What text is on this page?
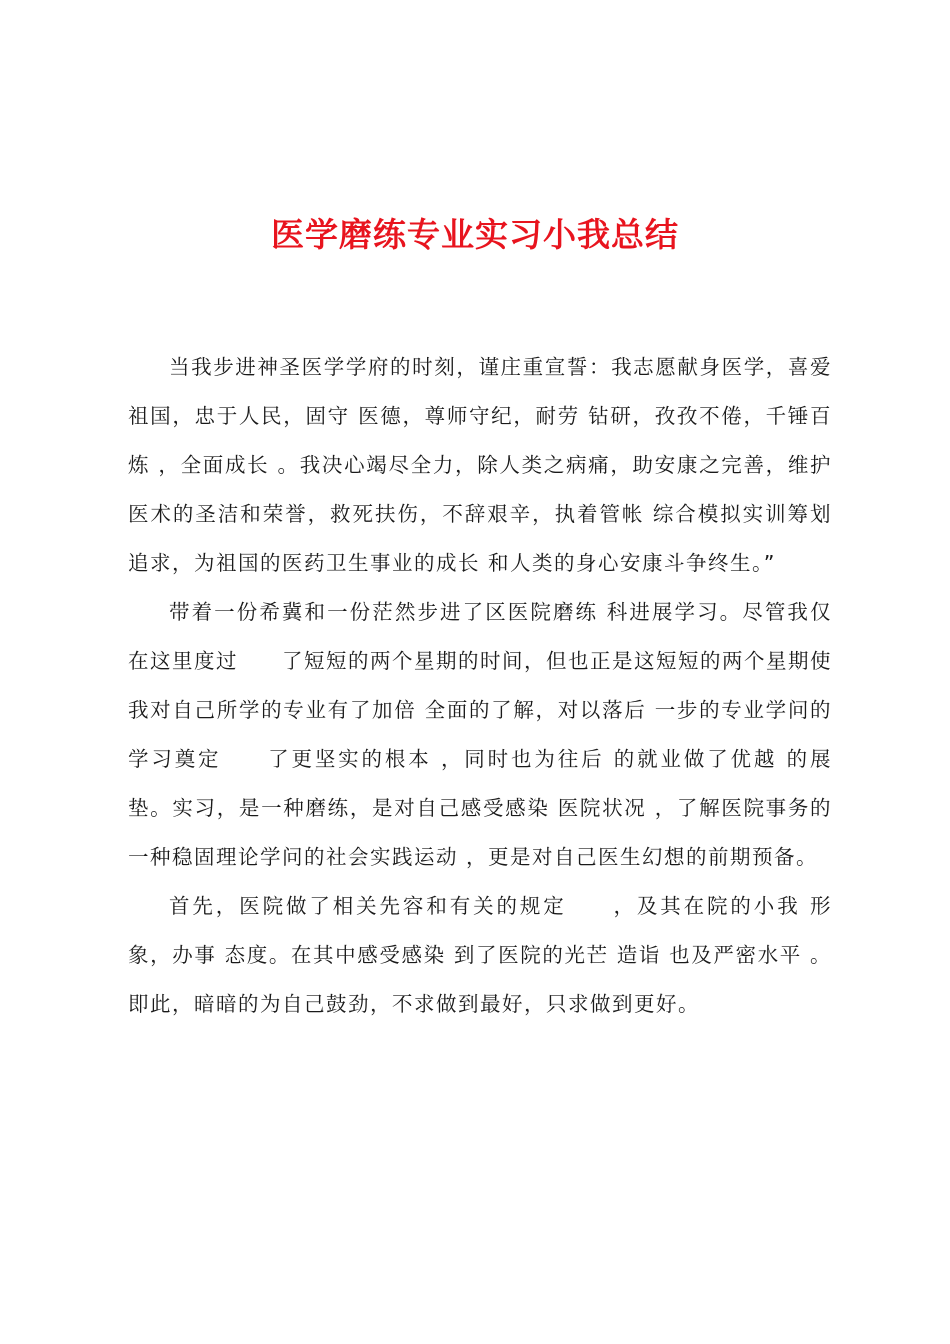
医学磨练专业实习小我总结

当我步进神圣医学学府的时刻，谨庄重宣誓：我志愿献身医学，喜爱祖国，忠于人民，固守 医德，尊师守纪，耐劳 钻研，孜孜不倦，千锤百炼 ，全面成长 。我决心竭尽全力，除人类之病痛，助安康之完善，维护医术的圣洁和荣誉，救死扶伤，不辞艰辛，执着管帐 综合模拟实训筹划 追求，为祖国的医药卫生事业的成长 和人类的身心安康斗争终生。”

带着一份希冀和一份茫然步进了区医院磨练 科进展学习。尽管我仅在这里度过　　了短短的两个星期的时间，但也正是这短短的两个星期使我对自己所学的专业有了加倍 全面的了解，对以落后 一步的专业学问的学习奠定　　了更坚实的根本 ，同时也为往后 的就业做了优越 的展垫。实习，是一种磨练，是对自己感受感染 医院状况 ，了解医院事务的一种稳固理论学问的社会实践运动 ，更是对自己医生幻想的前期预备。

首先，医院做了相关先容和有关的规定　　，及其在院的小我 形象，办事 态度。在其中感受感染 到了医院的光芒 造诣 也及严密水平 。即此，暗暗的为自己鼓劲，不求做到最好，只求做到更好。
